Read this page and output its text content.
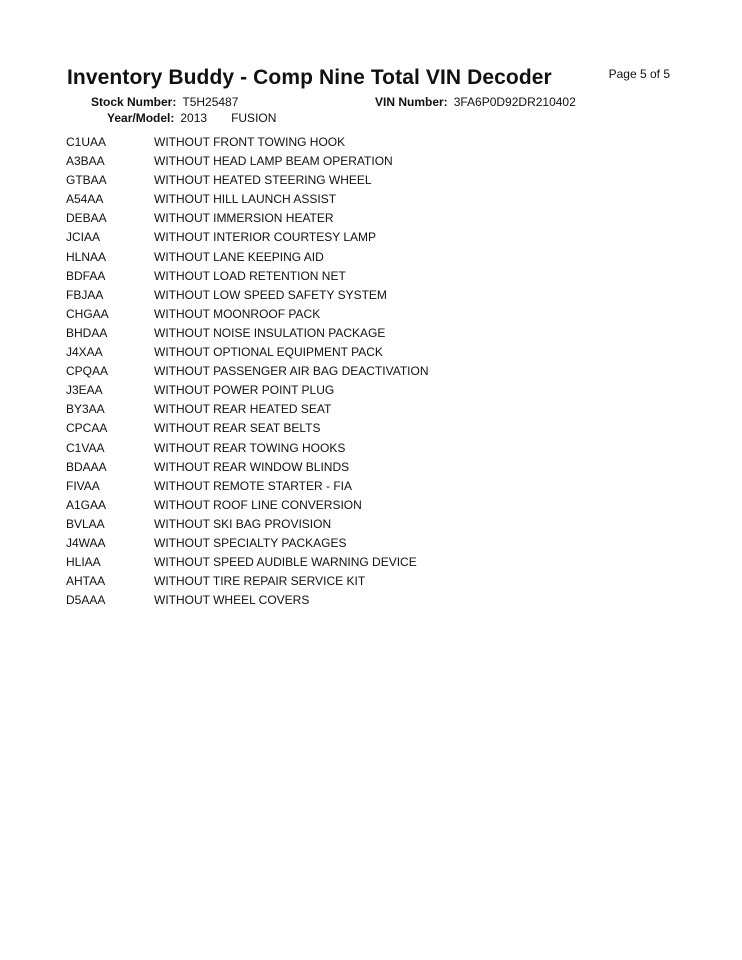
Inventory Buddy - Comp Nine Total VIN Decoder	Page 5 of 5
Stock Number: T5H25487	VIN Number: 3FA6P0D92DR210402
Year/Model: 2013 FUSION
C1UAA	WITHOUT FRONT TOWING HOOK
A3BAA	WITHOUT HEAD LAMP BEAM OPERATION
GTBAA	WITHOUT HEATED STEERING WHEEL
A54AA	WITHOUT HILL LAUNCH ASSIST
DEBAA	WITHOUT IMMERSION HEATER
JCIAA	WITHOUT INTERIOR COURTESY LAMP
HLNAA	WITHOUT LANE KEEPING AID
BDFAA	WITHOUT LOAD RETENTION NET
FBJAA	WITHOUT LOW SPEED SAFETY SYSTEM
CHGAA	WITHOUT MOONROOF PACK
BHDAA	WITHOUT NOISE INSULATION PACKAGE
J4XAA	WITHOUT OPTIONAL EQUIPMENT PACK
CPQAA	WITHOUT PASSENGER AIR BAG DEACTIVATION
J3EAA	WITHOUT POWER POINT PLUG
BY3AA	WITHOUT REAR HEATED SEAT
CPCAA	WITHOUT REAR SEAT BELTS
C1VAA	WITHOUT REAR TOWING HOOKS
BDAAA	WITHOUT REAR WINDOW BLINDS
FIVAA	WITHOUT REMOTE STARTER - FIA
A1GAA	WITHOUT ROOF LINE CONVERSION
BVLAA	WITHOUT SKI BAG PROVISION
J4WAA	WITHOUT SPECIALTY PACKAGES
HLIAA	WITHOUT SPEED AUDIBLE WARNING DEVICE
AHTAA	WITHOUT TIRE REPAIR SERVICE KIT
D5AAA	WITHOUT WHEEL COVERS
